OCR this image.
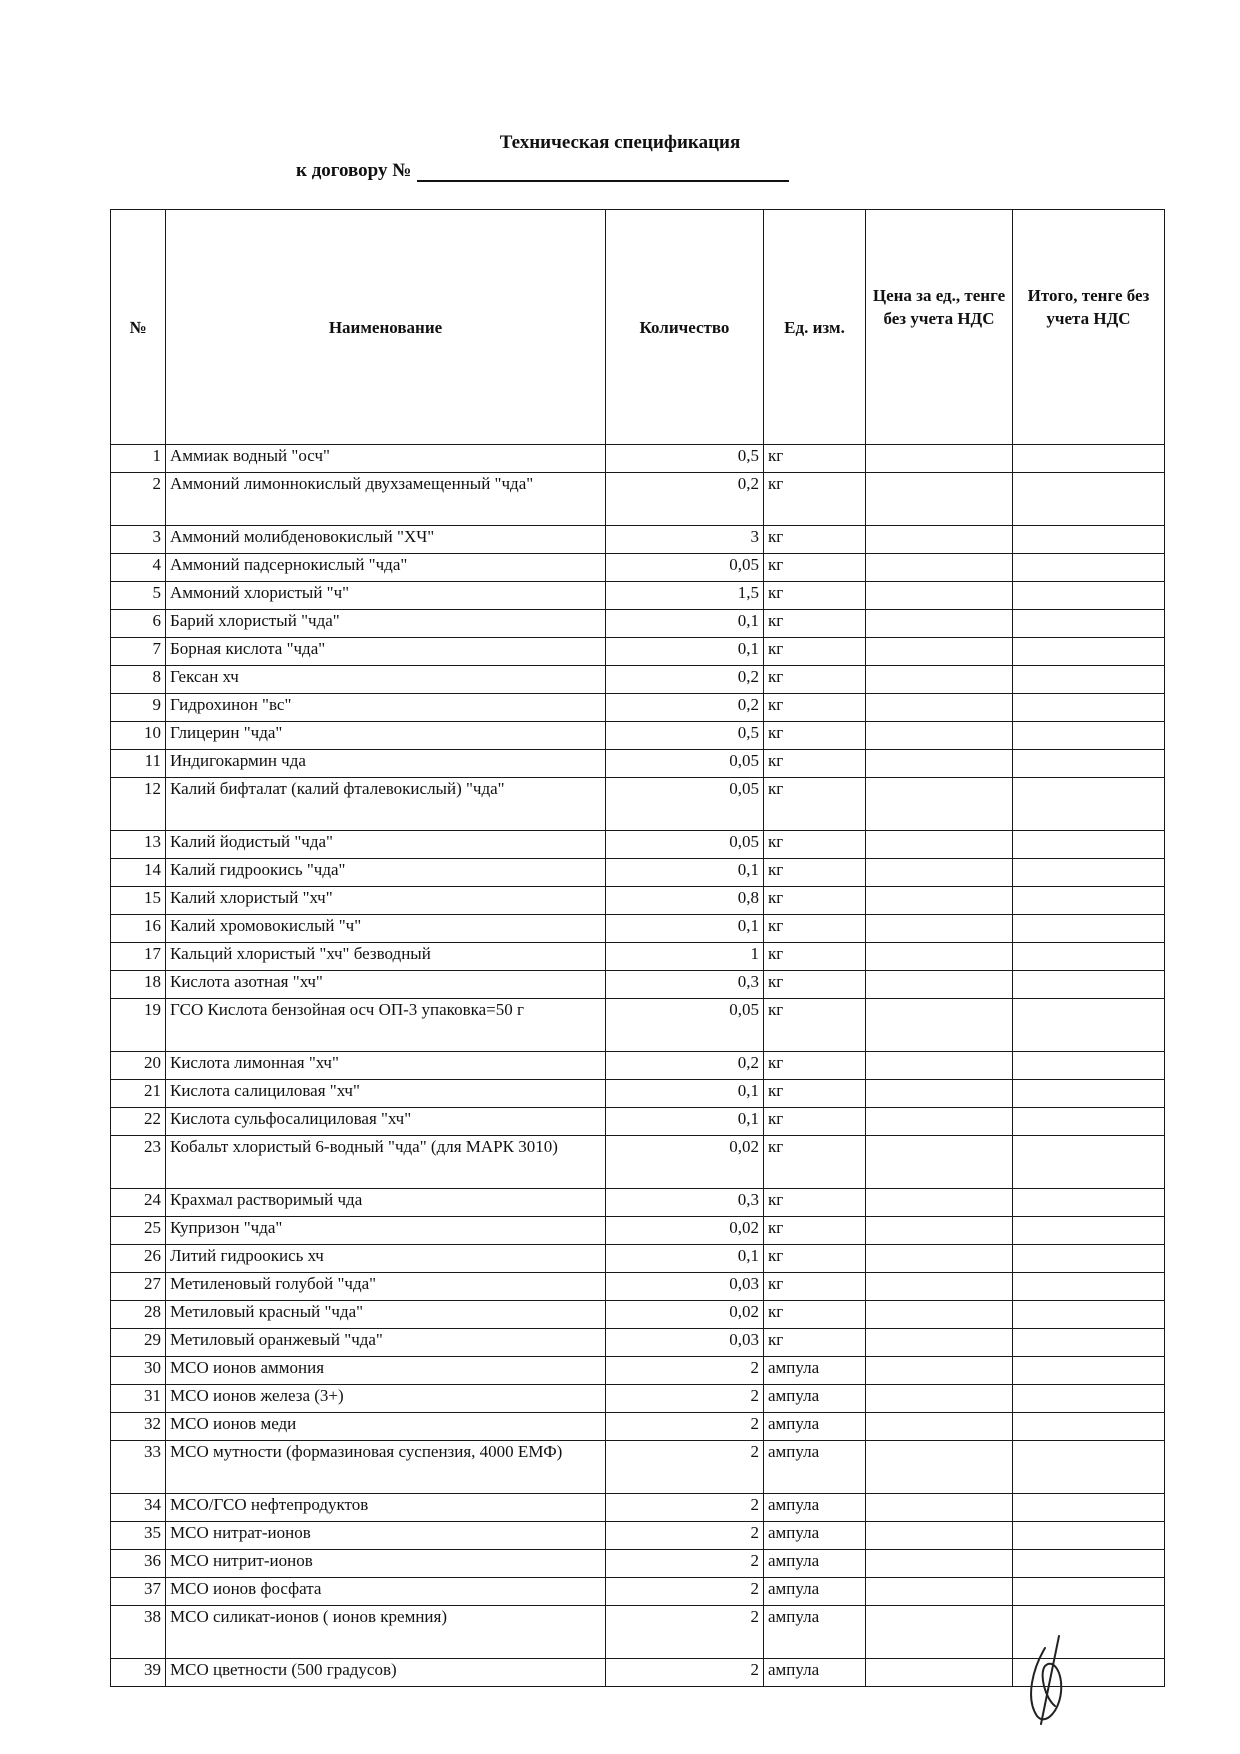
Техническая спецификация
к договору №
№	Наименование	Количество	Ед. изм.	Цена за ед., тенге без учета НДС	Итого, тенге без учета НДС
1	Аммиак водный "осч"	0,5	кг		
2	Аммоний лимоннокислый двухзамещенный "чда"	0,2	кг		
3	Аммоний молибденовокислый "ХЧ"	3	кг		
4	Аммоний падсернокислый "чда"	0,05	кг		
5	Аммоний хлористый "ч"	1,5	кг		
6	Барий хлористый "чда"	0,1	кг		
7	Борная кислота "чда"	0,1	кг		
8	Гексан хч	0,2	кг		
9	Гидрохинон "вс"	0,2	кг		
10	Глицерин "чда"	0,5	кг		
11	Индигокармин чда	0,05	кг		
12	Калий бифталат (калий фталевокислый) "чда"	0,05	кг		
13	Калий йодистый "чда"	0,05	кг		
14	Калий гидроокись "чда"	0,1	кг		
15	Калий хлористый "хч"	0,8	кг		
16	Калий хромовокислый "ч"	0,1	кг		
17	Кальций хлористый "хч" безводный	1	кг		
18	Кислота азотная "хч"	0,3	кг		
19	ГСО Кислота бензойная осч ОП-3 упаковка=50 г	0,05	кг		
20	Кислота лимонная "хч"	0,2	кг		
21	Кислота салициловая "хч"	0,1	кг		
22	Кислота сульфосалициловая "хч"	0,1	кг		
23	Кобальт хлористый 6-водный "чда" (для МАРК 3010)	0,02	кг		
24	Крахмал растворимый чда	0,3	кг		
25	Купризон "чда"	0,02	кг		
26	Литий гидроокись хч	0,1	кг		
27	Метиленовый голубой "чда"	0,03	кг		
28	Метиловый красный "чда"	0,02	кг		
29	Метиловый оранжевый "чда"	0,03	кг		
30	МСО ионов аммония	2	ампула		
31	МСО ионов железа (3+)	2	ампула		
32	МСО ионов меди	2	ампула		
33	МСО мутности (формазиновая суспензия, 4000 ЕМФ)	2	ампула		
34	МСО/ГСО нефтепродуктов	2	ампула		
35	МСО нитрат-ионов	2	ампула		
36	МСО нитрит-ионов	2	ампула		
37	МСО ионов фосфата	2	ампула		
38	МСО силикат-ионов ( ионов кремния)	2	ампула		
39	МСО цветности (500 градусов)	2	ампула		
